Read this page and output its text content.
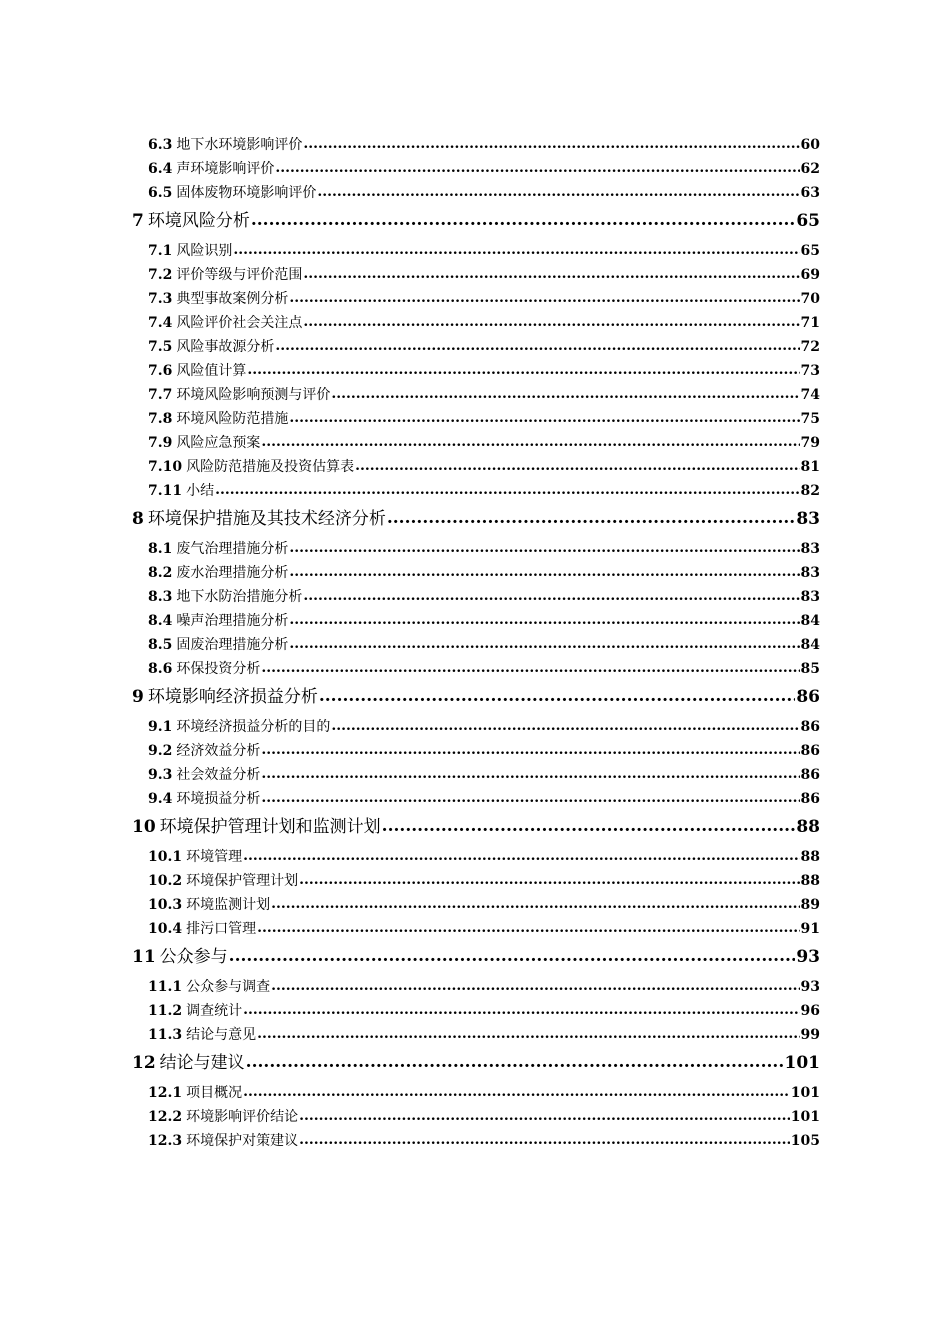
6.3 地下水环境影响评价 .....	60
6.4 声环境影响评价 .....	62
6.5 固体废物环境影响评价 .....	63
7 环境风险分析 .....	65
7.1 风险识别 .....	65
7.2 评价等级与评价范围 .....	69
7.3 典型事故案例分析 .....	70
7.4 风险评价社会关注点 .....	71
7.5 风险事故源分析 .....	72
7.6 风险值计算 .....	73
7.7 环境风险影响预测与评价 .....	74
7.8 环境风险防范措施 .....	75
7.9 风险应急预案 .....	79
7.10 风险防范措施及投资估算表 .....	81
7.11 小结 .....	82
8 环境保护措施及其技术经济分析 .....	83
8.1 废气治理措施分析 .....	83
8.2 废水治理措施分析 .....	83
8.3 地下水防治措施分析 .....	83
8.4 噪声治理措施分析 .....	84
8.5 固废治理措施分析 .....	84
8.6 环保投资分析 .....	85
9 环境影响经济损益分析 .....	86
9.1 环境经济损益分析的目的 .....	86
9.2 经济效益分析 .....	86
9.3 社会效益分析 .....	86
9.4 环境损益分析 .....	86
10 环境保护管理计划和监测计划 .....	88
10.1 环境管理 .....	88
10.2 环境保护管理计划 .....	88
10.3 环境监测计划 .....	89
10.4 排污口管理 .....	91
11 公众参与 .....	93
11.1 公众参与调查 .....	93
11.2 调查统计 .....	96
11.3 结论与意见 .....	99
12 结论与建议 .....	101
12.1 项目概况 .....	101
12.2 环境影响评价结论 .....	101
12.3 环境保护对策建议 .....	105
